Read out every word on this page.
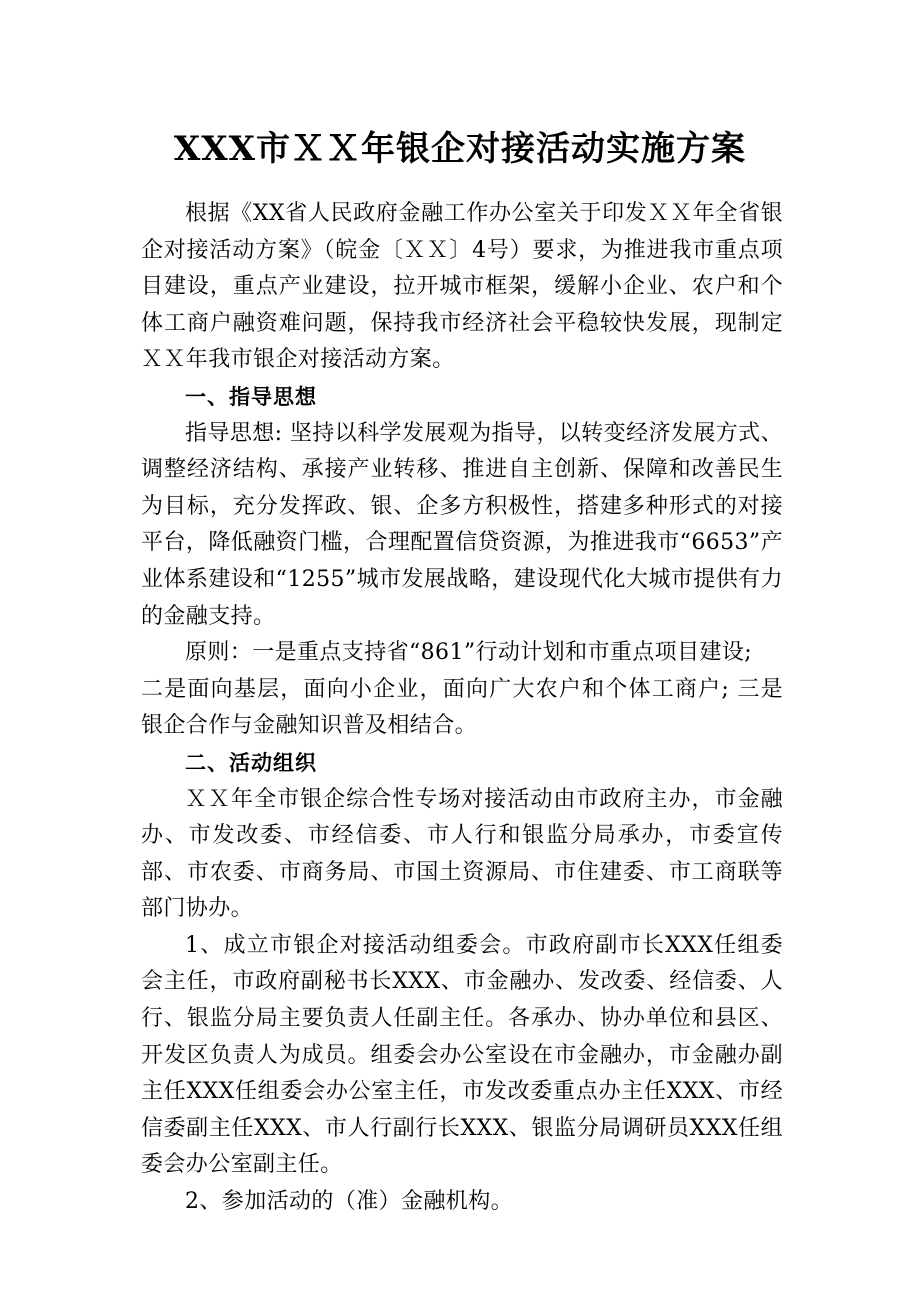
XXX市ＸＸ年银企对接活动实施方案

根据《XX省人民政府金融工作办公室关于印发ＸＸ年全省银企对接活动方案》（皖金〔ＸＸ〕4号）要求，为推进我市重点项目建设，重点产业建设，拉开城市框架，缓解小企业、农户和个体工商户融资难问题，保持我市经济社会平稳较快发展，现制定ＸＸ年我市银企对接活动方案。

一、指导思想

指导思想: 坚持以科学发展观为指导，以转变经济发展方式、调整经济结构、承接产业转移、推进自主创新、保障和改善民生为目标，充分发挥政、银、企多方积极性，搭建多种形式的对接平台，降低融资门槛，合理配置信贷资源，为推进我市“6653”产业体系建设和“1255”城市发展战略，建设现代化大城市提供有力的金融支持。

原则：一是重点支持省“861”行动计划和市重点项目建设;

二是面向基层，面向小企业，面向广大农户和个体工商户; 三是银企合作与金融知识普及相结合。

二、活动组织

ＸＸ年全市银企综合性专场对接活动由市政府主办，市金融办、市发改委、市经信委、市人行和银监分局承办，市委宣传部、市农委、市商务局、市国土资源局、市住建委、市工商联等部门协办。

1、成立市银企对接活动组委会。市政府副市长XXX任组委会主任，市政府副秘书长XXX、市金融办、发改委、经信委、人行、银监分局主要负责人任副主任。各承办、协办单位和县区、开发区负责人为成员。组委会办公室设在市金融办，市金融办副主任XXX任组委会办公室主任，市发改委重点办主任XXX、市经信委副主任XXX、市人行副行长XXX、银监分局调研员XXX任组委会办公室副主任。

2、参加活动的（准）金融机构。
